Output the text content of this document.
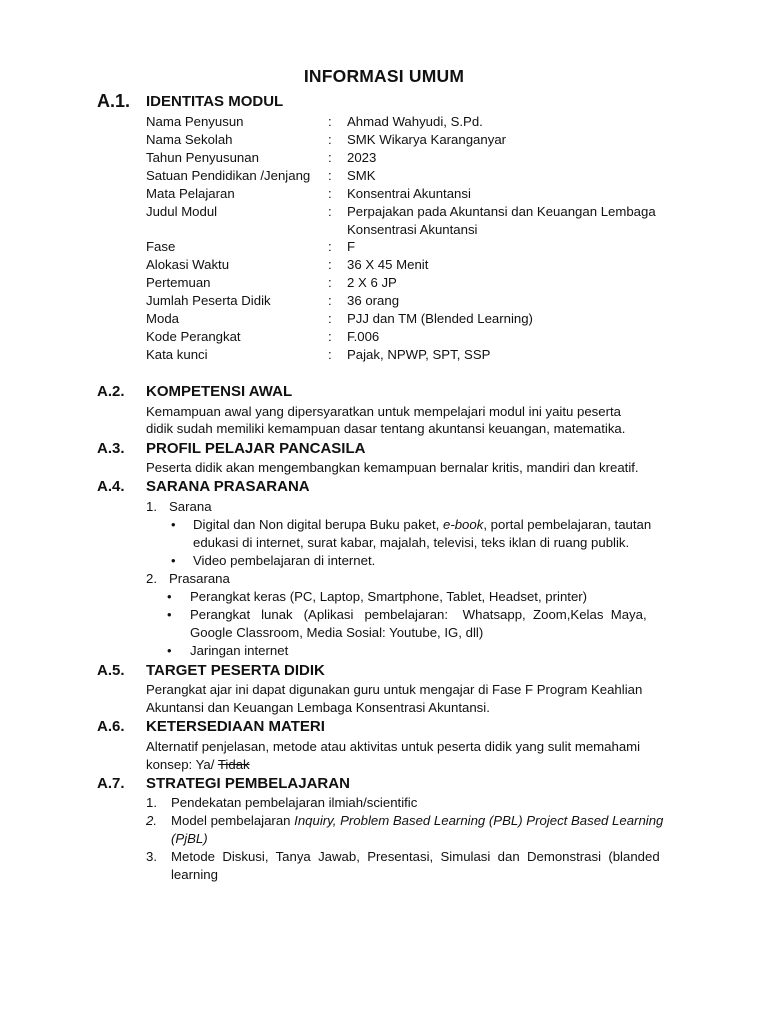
INFORMASI UMUM
A.1. IDENTITAS MODUL
Nama Penyusun	: Ahmad Wahyudi, S.Pd.
Nama Sekolah	: SMK Wikarya Karanganyar
Tahun Penyusunan	: 2023
Satuan Pendidikan /Jenjang : SMK
Mata Pelajaran	: Konsentrai Akuntansi
Judul Modul	: Perpajakan pada Akuntansi dan Keuangan Lembaga
Konsentrasi Akuntansi
Fase	: F
Alokasi Waktu	: 36 X 45 Menit
Pertemuan	: 2 X 6 JP
Jumlah Peserta Didik	: 36 orang
Moda	: PJJ dan TM (Blended Learning)
Kode Perangkat	: F.006
Kata kunci	: Pajak, NPWP, SPT, SSP
A.2. KOMPETENSI AWAL
Kemampuan awal yang dipersyaratkan untuk mempelajari modul ini yaitu peserta
didik sudah memiliki kemampuan dasar tentang akuntansi keuangan, matematika.
A.3. PROFIL PELAJAR PANCASILA
Peserta didik akan mengembangkan kemampuan bernalar kritis, mandiri dan kreatif.
A.4. SARANA PRASARANA
1. Sarana
• Digital dan Non digital berupa Buku paket, e-book, portal pembelajaran, tautan
edukasi di internet, surat kabar, majalah, televisi, teks iklan di ruang publik.
• Video pembelajaran di internet.
2. Prasarana
• Perangkat keras (PC, Laptop, Smartphone, Tablet, Headset, printer)
• Perangkat   lunak   (Aplikasi   pembelajaran:    Whatsapp,  Zoom,Kelas  Maya,
Google Classroom, Media Sosial: Youtube, IG, dll)
• Jaringan internet
A.5. TARGET PESERTA DIDIK
Perangkat ajar ini dapat digunakan guru untuk mengajar di Fase F Program Keahlian
Akuntansi dan Keuangan Lembaga Konsentrasi Akuntansi.
A.6. KETERSEDIAAN MATERI
Alternatif penjelasan, metode atau aktivitas untuk peserta didik yang sulit memahami
konsep: Ya/ Tidak
A.7. STRATEGI PEMBELAJARAN
1. Pendekatan pembelajaran ilmiah/scientific
2. Model pembelajaran Inquiry, Problem Based Learning (PBL) Project Based Learning
(PjBL)
3. Metode  Diskusi,  Tanya  Jawab,  Presentasi,  Simulasi  dan  Demonstrasi  (blanded
learning
